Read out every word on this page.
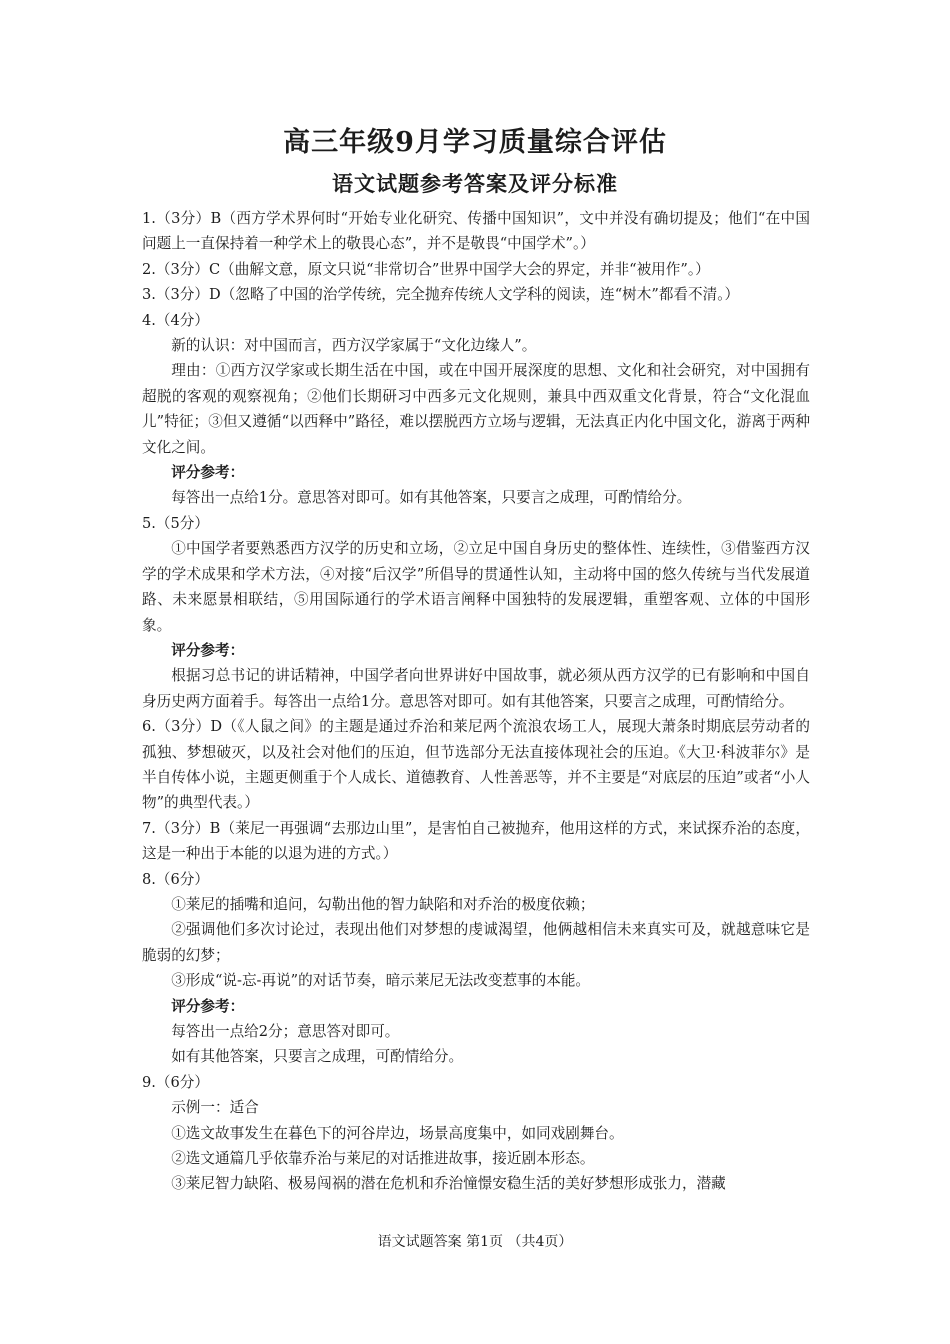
高三年级9月学习质量综合评估
语文试题参考答案及评分标准

1.（3分）B（西方学术界何时“开始专业化研究、传播中国知识”，文中并没有确切提及；他们“在中国问题上一直保持着一种学术上的敬畏心态”，并不是敬畏“中国学术”。）

2.（3分）C（曲解文意，原文只说“非常切合”世界中国学大会的界定，并非“被用作”。）

3.（3分）D（忽略了中国的治学传统，完全抛弃传统人文学科的阅读，连“树木”都看不清。）

4.（4分）

新的认识：对中国而言，西方汉学家属于“文化边缘人”。

理由：①西方汉学家或长期生活在中国，或在中国开展深度的思想、文化和社会研究，对中国拥有超脱的客观的观察视角；②他们长期研习中西多元文化规则，兼具中西双重文化背景，符合“文化混血儿”特征；③但又遵循“以西释中”路径，难以摆脱西方立场与逻辑，无法真正内化中国文化，游离于两种文化之间。

评分参考：

每答出一点给1分。意思答对即可。如有其他答案，只要言之成理，可酌情给分。

5.（5分）

①中国学者要熟悉西方汉学的历史和立场，②立足中国自身历史的整体性、连续性，③借鉴西方汉学的学术成果和学术方法，④对接“后汉学”所倡导的贯通性认知，主动将中国的悠久传统与当代发展道路、未来愿景相联结，⑤用国际通行的学术语言阐释中国独特的发展逻辑，重塑客观、立体的中国形象。

评分参考：

根据习总书记的讲话精神，中国学者向世界讲好中国故事，就必须从西方汉学的已有影响和中国自身历史两方面着手。每答出一点给1分。意思答对即可。如有其他答案，只要言之成理，可酌情给分。

6.（3分）D（《人鼠之间》的主题是通过乔治和莱尼两个流浪农场工人，展现大萧条时期底层劳动者的孤独、梦想破灭，以及社会对他们的压迫，但节选部分无法直接体现社会的压迫。《大卫·科波菲尔》是半自传体小说，主题更侧重于个人成长、道德教育、人性善恶等，并不主要是“对底层的压迫”或者“小人物”的典型代表。）

7.（3分）B（莱尼一再强调“去那边山里”，是害怕自己被抛弃，他用这样的方式，来试探乔治的态度，这是一种出于本能的以退为进的方式。）

8.（6分）

①莱尼的插嘴和追问，勾勒出他的智力缺陷和对乔治的极度依赖；

②强调他们多次讨论过，表现出他们对梦想的虔诚渴望，他俩越相信未来真实可及，就越意味它是脆弱的幻梦；

③形成“说-忘-再说”的对话节奏，暗示莱尼无法改变惹事的本能。

评分参考：

每答出一点给2分；意思答对即可。

如有其他答案，只要言之成理，可酌情给分。

9.（6分）

示例一：适合

①选文故事发生在暮色下的河谷岸边，场景高度集中，如同戏剧舞台。

②选文通篇几乎依靠乔治与莱尼的对话推进故事，接近剧本形态。

③莱尼智力缺陷、极易闯祸的潜在危机和乔治憧憬安稳生活的美好梦想形成张力，潜藏

语文试题答案 第1页 （共4页）
